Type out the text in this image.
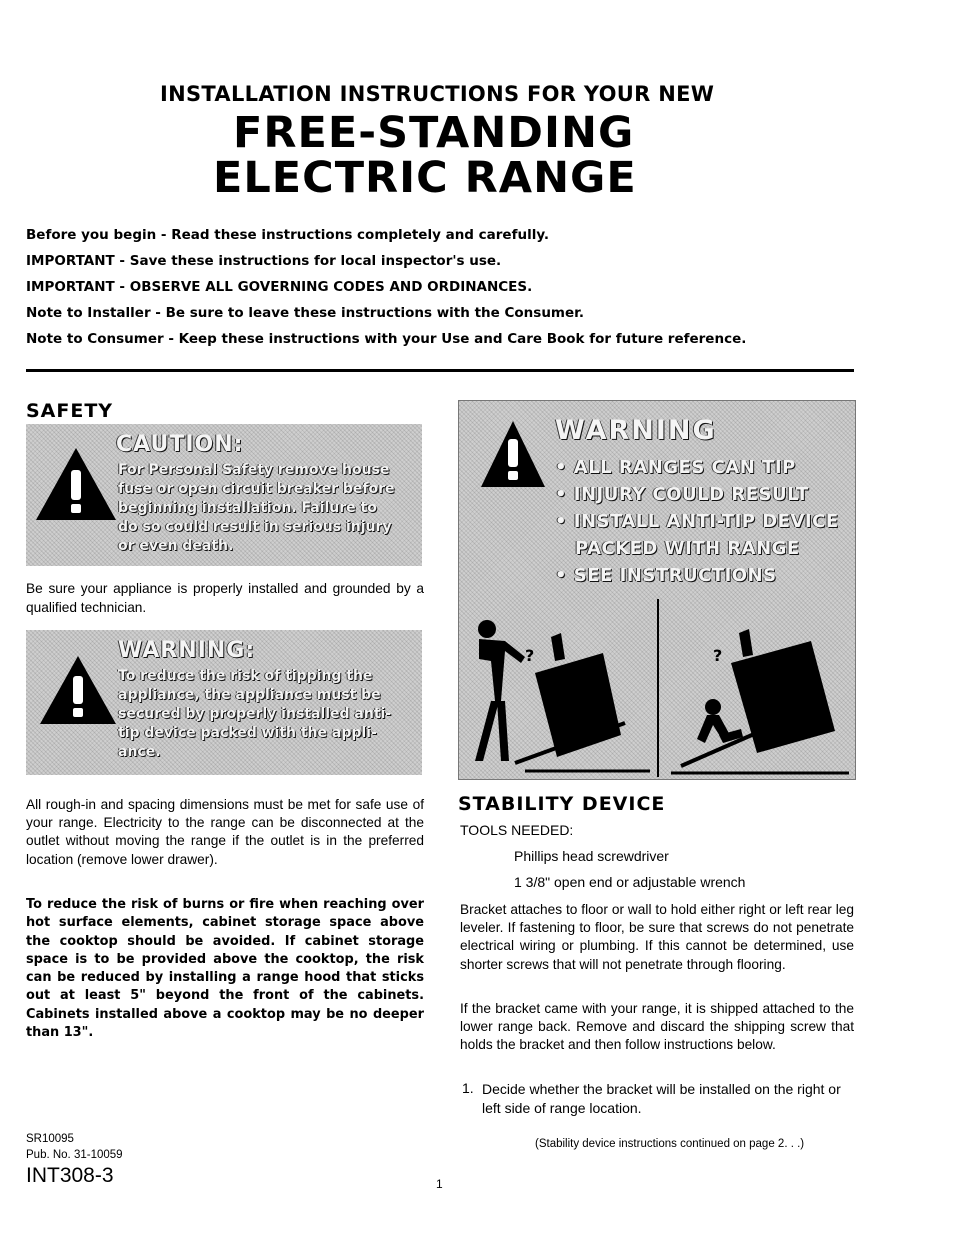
INSTALLATION INSTRUCTIONS FOR YOUR NEW
FREE-STANDING
ELECTRIC RANGE
Before you begin - Read these instructions completely and carefully.
IMPORTANT - Save these instructions for local inspector's use.
IMPORTANT - OBSERVE ALL GOVERNING CODES AND ORDINANCES.
Note to Installer - Be sure to leave these instructions with the Consumer.
Note to Consumer - Keep these instructions with your Use and Care Book for future reference.
SAFETY
CAUTION:
For Personal Safety remove house
fuse or open circuit breaker before
beginning installation. Failure to
do so could result in serious injury
or even death.
Be sure your appliance is properly installed and grounded by a qualified technician.
WARNING:
To reduce the risk of tipping the
appliance, the appliance must be
secured by properly installed anti-
tip device packed with the appli-
ance.
All rough-in and spacing dimensions must be met for safe use of your range. Electricity to the range can be disconnected at the outlet without moving the range if the outlet is in the preferred location (remove lower drawer).
To reduce the risk of burns or fire when reaching over hot surface elements, cabinet storage space above the cooktop should be avoided. If cabinet storage space is to be provided above the cooktop, the risk can be reduced by installing a range hood that sticks out at least 5" beyond the front of the cabinets. Cabinets installed above a cooktop may be no deeper than 13".
WARNING
• ALL RANGES CAN TIP
• INJURY COULD RESULT
• INSTALL ANTI-TIP DEVICE
PACKED WITH RANGE
• SEE INSTRUCTIONS
?	?
STABILITY DEVICE
TOOLS NEEDED:
Phillips head screwdriver
1 3/8" open end or adjustable wrench
Bracket attaches to floor or wall to hold either right or left rear leg leveler. If fastening to floor, be sure that screws do not penetrate electrical wiring or plumbing. If this cannot be determined, use shorter screws that will not penetrate through flooring.
If the bracket came with your range, it is shipped attached to the lower range back. Remove and discard the shipping screw that holds the bracket and then follow instructions below.
1. Decide whether the bracket will be installed on the right or left side of range location.
(Stability device instructions continued on page 2. . .)
SR10095
Pub. No. 31-10059
INT308-3	1
